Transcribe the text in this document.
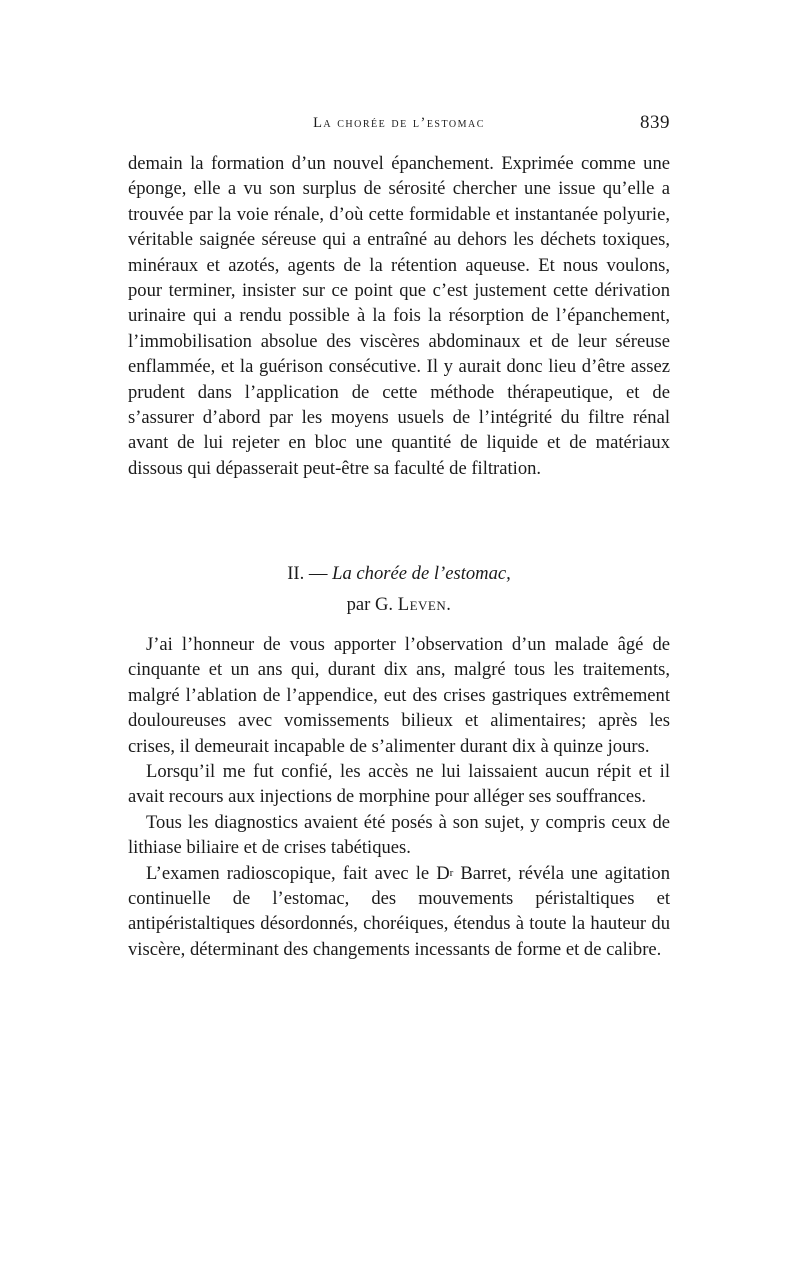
La chorée de l’estomac	839

demain la formation d’un nouvel épanchement. Exprimée comme une éponge, elle a vu son surplus de sérosité chercher une issue qu’elle a trouvée par la voie rénale, d’où cette formidable et instantanée polyurie, véritable saignée séreuse qui a entraîné au dehors les déchets toxiques, minéraux et azotés, agents de la rétention aqueuse. Et nous voulons, pour terminer, insister sur ce point que c’est justement cette dérivation urinaire qui a rendu possible à la fois la résorption de l’épanchement, l’immobilisation absolue des viscères abdominaux et de leur séreuse enflammée, et la guérison consécutive. Il y aurait donc lieu d’être assez prudent dans l’application de cette méthode thérapeutique, et de s’assurer d’abord par les moyens usuels de l’intégrité du filtre rénal avant de lui rejeter en bloc une quantité de liquide et de matériaux dissous qui dépasserait peut-être sa faculté de filtration.

II. — La chorée de l’estomac,
par G. Leven.

J’ai l’honneur de vous apporter l’observation d’un malade âgé de cinquante et un ans qui, durant dix ans, malgré tous les traitements, malgré l’ablation de l’appendice, eut des crises gastriques extrêmement douloureuses avec vomissements bilieux et alimentaires; après les crises, il demeurait incapable de s’alimenter durant dix à quinze jours.

Lorsqu’il me fut confié, les accès ne lui laissaient aucun répit et il avait recours aux injections de morphine pour alléger ses souffrances.

Tous les diagnostics avaient été posés à son sujet, y compris ceux de lithiase biliaire et de crises tabétiques.

L’examen radioscopique, fait avec le $D^r$ Barret, révéla une agitation continuelle de l’estomac, des mouvements péristaltiques et antipéristaltiques désordonnés, choréiques, étendus à toute la hauteur du viscère, déterminant des changements incessants de forme et de calibre.
